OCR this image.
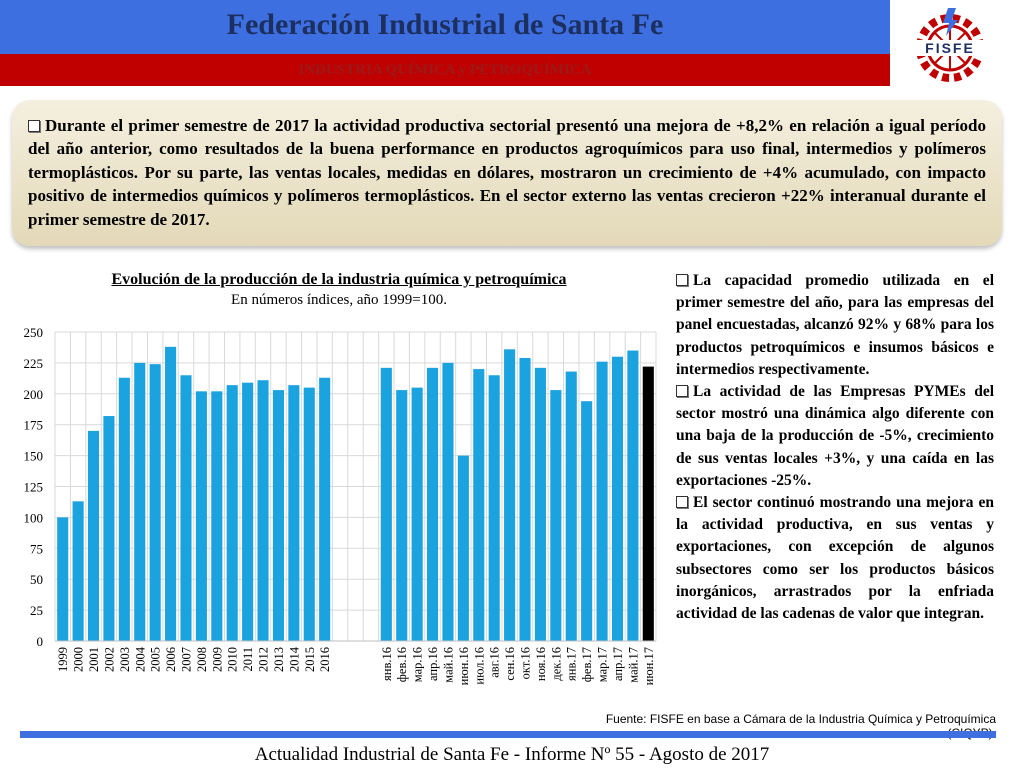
Federación Industrial de Santa Fe
INDUSTRIA QUÍMICA y PETROQUÍMICA
FISFE

Durante el primer semestre de 2017 la actividad productiva sectorial presentó una mejora de +8,2% en relación a igual período del año anterior, como resultados de la buena performance en productos agroquímicos para uso final, intermedios y polímeros termoplásticos. Por su parte, las ventas locales, medidas en dólares, mostraron un crecimiento de +4% acumulado, con impacto positivo de intermedios químicos y polímeros termoplásticos. En el sector externo las ventas crecieron +22% interanual durante el primer semestre de 2017.

Evolución de la producción de la industria química y petroquímica
En números índices, año 1999=100.
0
25
50
75
100
125
150
175
200
225
250
1999 2000 2001 2002 2003 2004 2005 2006 2007 2008 2009 2010 2011 2012 2013 2014 2015 2016	янв.16 фев.16 мар.16 апр.16 май.16 июн.16 июл.16 авг.16 сен.16 окт.16 ноя.16 дек.16 янв.17 фев.17 мар.17 апр.17 май.17 июн.17

La capacidad promedio utilizada en el primer semestre del año, para las empresas del panel encuestadas, alcanzó 92% y 68% para los productos petroquímicos e insumos básicos e intermedios respectivamente.

La actividad de las Empresas PYMEs del sector mostró una dinámica algo diferente con una baja de la producción de -5%, crecimiento de sus ventas locales +3%, y una caída en las exportaciones -25%.

El sector continuó mostrando una mejora en la actividad productiva, en sus ventas y exportaciones, con excepción de algunos subsectores como ser los productos básicos inorgánicos, arrastrados por la enfriada actividad de las cadenas de valor que integran.

Fuente: FISFE en base a Cámara de la Industria Química y Petroquímica
Actualidad Industrial de Santa Fe - Informe Nº 55 - Agosto de 2017
